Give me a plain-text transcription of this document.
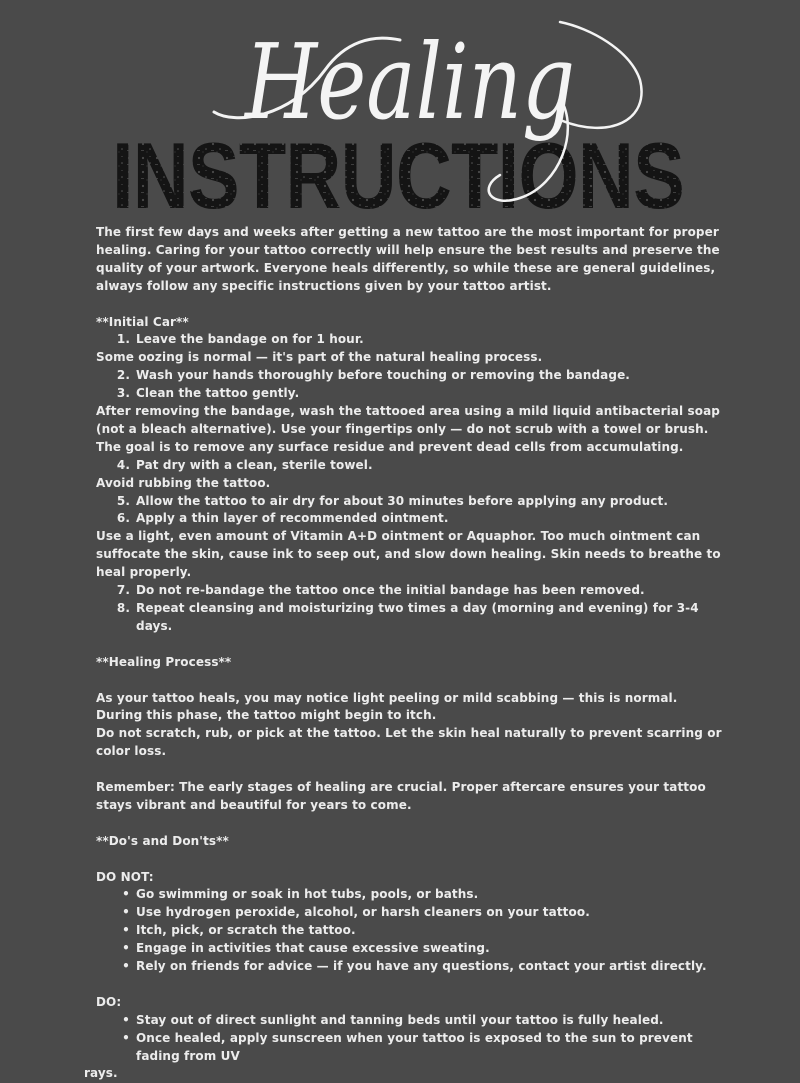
INSTRUCTIONS
Healing

The first few days and weeks after getting a new tattoo are the most important for proper healing. Caring for your tattoo correctly will help ensure the best results and preserve the quality of your artwork. Everyone heals differently, so while these are general guidelines, always follow any specific instructions given by your tattoo artist.

**Initial Car**

1. Leave the bandage on for 1 hour.

Some oozing is normal — it's part of the natural healing process.

2. Wash your hands thoroughly before touching or removing the bandage.
3. Clean the tattoo gently.

After removing the bandage, wash the tattooed area using a mild liquid antibacterial soap (not a bleach alternative). Use your fingertips only — do not scrub with a towel or brush. The goal is to remove any surface residue and prevent dead cells from accumulating.

4. Pat dry with a clean, sterile towel.

Avoid rubbing the tattoo.

5. Allow the tattoo to air dry for about 30 minutes before applying any product.
6. Apply a thin layer of recommended ointment.

Use a light, even amount of Vitamin A+D ointment or Aquaphor. Too much ointment can suffocate the skin, cause ink to seep out, and slow down healing. Skin needs to breathe to heal properly.

7. Do not re-bandage the tattoo once the initial bandage has been removed.
8. Repeat cleansing and moisturizing two times a day (morning and evening) for 3-4 days.

**Healing Process**

As your tattoo heals, you may notice light peeling or mild scabbing — this is normal. During this phase, the tattoo might begin to itch.

Do not scratch, rub, or pick at the tattoo. Let the skin heal naturally to prevent scarring or color loss.

Remember: The early stages of healing are crucial. Proper aftercare ensures your tattoo stays vibrant and beautiful for years to come.

**Do's and Don'ts**

DO NOT:

• Go swimming or soak in hot tubs, pools, or baths.
• Use hydrogen peroxide, alcohol, or harsh cleaners on your tattoo.
• Itch, pick, or scratch the tattoo.
• Engage in activities that cause excessive sweating.
• Rely on friends for advice — if you have any questions, contact your artist directly.

DO:

• Stay out of direct sunlight and tanning beds until your tattoo is fully healed.
• Once healed, apply sunscreen when your tattoo is exposed to the sun to prevent fading from UV

rays.
